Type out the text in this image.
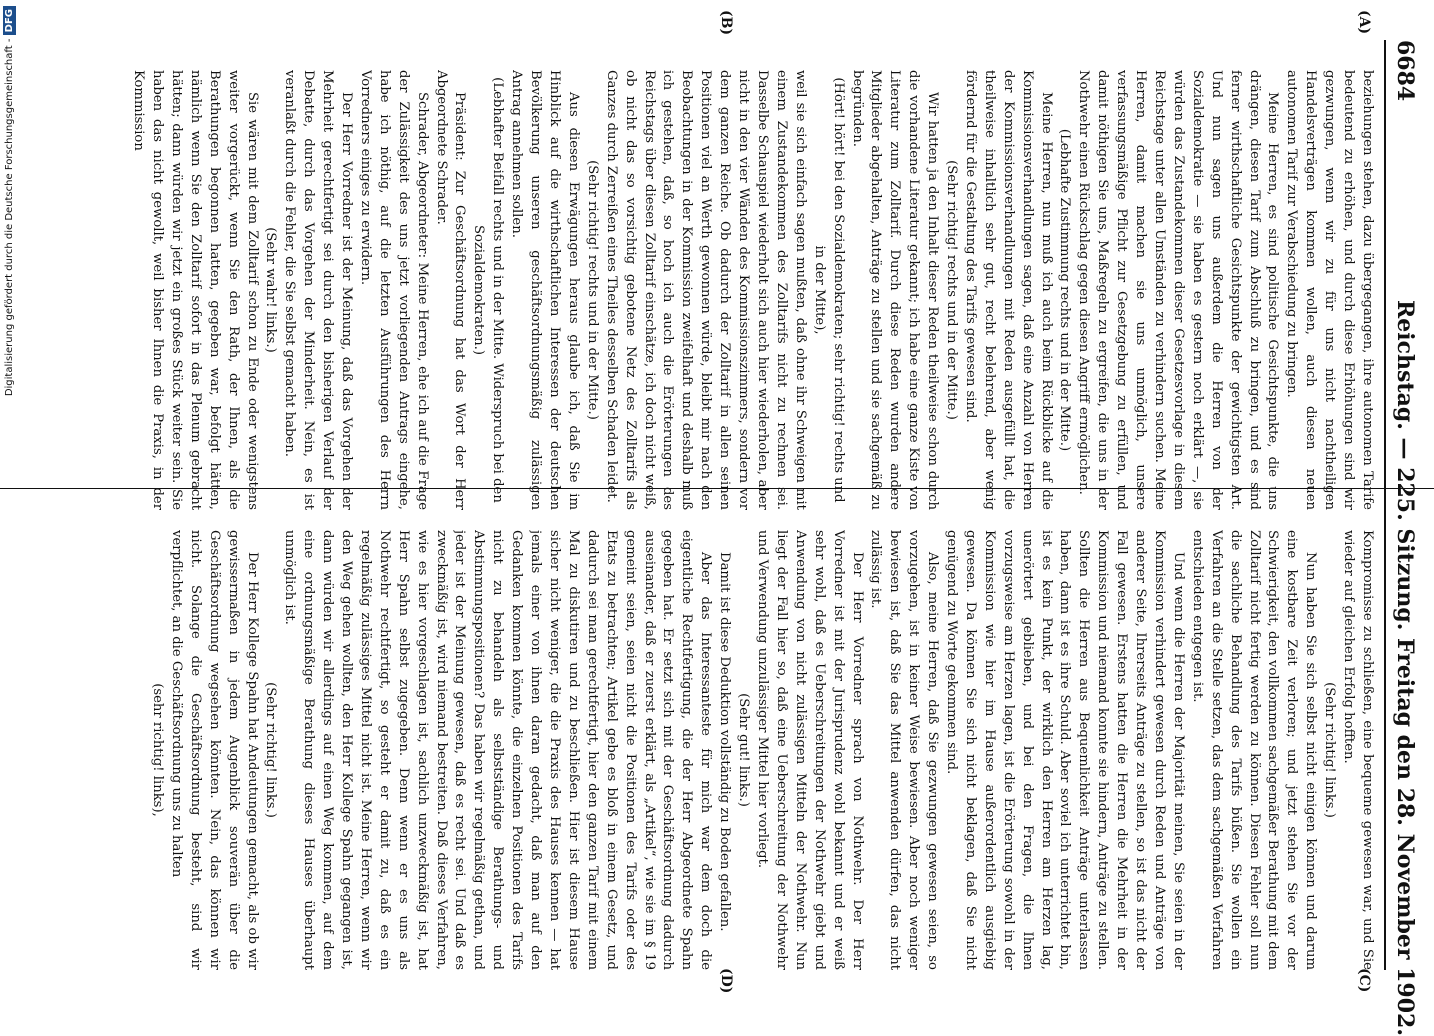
6684
Reichstag. — 225. Sitzung. Freitag den 28. November 1902.
(A)
(B)
(C)
(D)

beziehungen stehen, dazu übergegangen, ihre autonomen Tarife bedeutend zu erhöhen, und durch diese Erhöhungen sind wir gezwungen, wenn wir zu für uns nicht nachtheiligen Handelsverträgen kommen wollen, auch diesen neuen autonomen Tarif zur Verabschiedung zu bringen.

Meine Herren, es sind politische Gesichtspunkte, die uns drängen, diesen Tarif zum Abschluß zu bringen, und es sind ferner wirthschaftliche Gesichtspunkte der gewichtigsten Art. Und nun sagen uns außerdem die Herren von der Sozialdemokratie — sie haben es gestern noch erklärt —, sie würden das Zustandekommen dieser Gesetzesvorlage in diesem Reichstage unter allen Umständen zu verhindern suchen. Meine Herren, damit machen sie uns unmöglich, unsere verfassungsmäßige Pflicht zur Gesetzgebung zu erfüllen, und damit nöthigen Sie uns, Maßregeln zu ergreifen, die uns in der Nothwehr einen Rückschlag gegen diesen Angriff ermöglichen.

(Lebhafte Zustimmung rechts und in der Mitte.)

Meine Herren, nun muß ich auch beim Rückblicke auf die Kommissionsverhandlungen sagen, daß eine Anzahl von Herren der Kommissionsverhandlungen mit Reden ausgefüllt hat, die theilweise inhaltlich sehr gut, recht belehrend, aber wenig fördernd für die Gestaltung des Tarifs gewesen sind.

(Sehr richtig! rechts und in der Mitte.)

Wir hatten ja den Inhalt dieser Reden theilweise schon durch die vorhandene Literatur gekannt; ich habe eine ganze Kiste von Literatur zum Zolltarif. Durch diese Reden wurden andere Mitglieder abgehalten, Anträge zu stellen und sie sachgemäß zu begründen.

(Hört! hört! bei den Sozialdemokraten; sehr richtig! rechts und in der Mitte),

weil sie sich einfach sagen mußten, daß ohne ihr Schweigen mit einem Zustandekommen des Zolltarifs nicht zu rechnen sei. Dasselbe Schauspiel wiederholt sich auch hier wiederholen, aber nicht in den vier Wänden des Kommissionszimmers, sondern vor dem ganzen Reiche. Ob dadurch der Zolltarif in allen seinen Positionen viel an Werth gewonnen würde, bleibt mir nach den Beobachtungen in der Kommission zweifelhaft und deshalb muß ich gestehen, daß, so hoch ich auch die Erörterungen des Reichstags über diesen Zolltarif einschätze, ich doch nicht weiß, ob nicht das so vorsichtig gebotene Netz des Zolltarifs als Ganzes durch Zerreißen eines Theiles desselben Schaden leidet.

(Sehr richtig! rechts und in der Mitte.)

Aus diesen Erwägungen heraus glaube ich, daß Sie im Hinblick auf die wirthschaftlichen Interessen der deutschen Bevölkerung unseren geschäftsordnungsmäßig zulässigen Antrag annehmen sollen.

(Lebhafter Beifall rechts und in der Mitte. Widerspruch bei den Sozialdemokraten.)

Präsident: Zur Geschäftsordnung hat das Wort der Herr Abgeordnete Schrader.

Schrader, Abgeordneter: Meine Herren, ehe ich auf die Frage der Zulässigkeit des uns jetzt vorliegenden Antrags eingehe, habe ich nöthig, auf die letzten Ausführungen des Herrn Vorredners einiges zu erwidern.

Der Herr Vorredner ist der Meinung, daß das Vorgehen der Mehrheit gerechtfertigt sei durch den bisherigen Verlauf der Debatte, durch das Vorgehen der Minderheit. Nein, es ist veranlaßt durch die Fehler, die Sie selbst gemacht haben.

(Sehr wahr! links.)

Sie wären mit dem Zolltarif schon zu Ende oder wenigstens weiter vorgerückt, wenn Sie den Rath, der Ihnen, als die Berathungen begonnen hatten, gegeben war, befolgt hätten, nämlich wenn Sie den Zolltarif sofort in das Plenum gebracht hätten; dann würden wir jetzt ein großes Stück weiter sein. Sie haben das nicht gewollt, weil bisher Ihnen die Praxis, in der Kommission

Kompromisse zu schließen, eine bequeme gewesen war, und Sie wieder auf gleichen Erfolg hofften.

(Sehr richtig! links.)

Nun haben Sie sich selbst nicht einigen können und darum eine kostbare Zeit verloren; und jetzt stehen Sie vor der Schwierigkeit, den vollkommen sachgemäßer Berathung mit dem Zolltarif nicht fertig werden zu können. Diesen Fehler soll nun die sachliche Behandlung des Tarifs büßen. Sie wollen ein Verfahren an die Stelle setzen, das dem sachgemäßen Verfahren entschieden entgegen ist.

Und wenn die Herren der Majorität meinen, Sie seien in der Kommission verhindert gewesen durch Reden und Anträge von anderer Seite, Ihrerseits Anträge zu stellen, so ist das nicht der Fall gewesen. Erstens hatten die Herren die Mehrheit in der Kommission und niemand konnte sie hindern, Anträge zu stellen. Sollten die Herren aus Bequemlichkeit Anträge unterlassen haben, dann ist es ihre Schuld. Aber soviel ich unterrichtet bin, ist es kein Punkt, der wirklich den Herren am Herzen lag, unerörtert geblieben, und bei den Fragen, die Ihnen vorzugsweise am Herzen lagen, ist die Erörterung sowohl in der Kommission wie hier im Hause außerordentlich ausgiebig gewesen. Da können Sie sich nicht beklagen, daß Sie nicht genügend zu Worte gekommen sind.

Also, meine Herren, daß Sie gezwungen gewesen seien, so vorzugehen, ist in keiner Weise bewiesen. Aber noch weniger bewiesen ist, daß Sie das Mittel anwenden dürfen, das nicht zulässig ist.

Der Herr Vorredner sprach von Nothwehr. Der Herr Vorredner ist mit der Jurisprudenz wohl bekannt und er weiß sehr wohl, daß es Ueberschreitungen der Nothwehr giebt und Anwendung von nicht zulässigen Mitteln der Nothwehr. Nun liegt der Fall hier so, daß eine Ueberschreitung der Nothwehr und Verwendung unzulässiger Mittel hier vorliegt.

(Sehr gut! links.)

Damit ist diese Deduktion vollständig zu Boden gefallen.

Aber das Interessanteste für mich war dem doch die eigentliche Rechtfertigung, die der Herr Abgeordnete Spahn gegeben hat. Er setzt sich mit der Geschäftsordnung dadurch auseinander, daß er zuerst erklärt, als „Artikel“, wie sie im § 19 gemeint seien, seien nicht die Positionen des Tarifs oder des Etats zu betrachten; Artikel gebe es bloß in einem Gesetz, und dadurch sei man gerechtfertigt, hier den ganzen Tarif mit einem Mal zu diskutiren und zu beschließen. Hier ist diesem Hause sicher nicht weniger, die die Praxis des Hauses kennen — hat jemals einer von ihnen daran gedacht, daß man auf den Gedanken kommen könnte, die einzelnen Positionen des Tarifs nicht zu behandeln als selbstständige Berathungs- und Abstimmungspositionen? Das haben wir regelmäßig gethan, und jeder ist der Meinung gewesen, daß es recht sei. Und daß es zweckmäßig ist, wird niemand bestreiten. Daß dieses Verfahren, wie es hier vorgeschlagen ist, sachlich unzweckmäßig ist, hat Herr Spahn selbst zugegeben. Denn wenn er es uns als Nothwehr rechtfertigt, so gesteht er damit zu, daß es ein regelmäßig zulässiges Mittel nicht ist. Meine Herren, wenn wir den Weg gehen wollten, den Herr Kollege Spahn gegangen ist, dann würden wir allerdings auf einen Weg kommen, auf dem eine ordnungsmäßige Berathung dieses Hauses überhaupt unmöglich ist.

(Sehr richtig! links.)

Der Herr Kollege Spahn hat Andeutungen gemacht, als ob wir gewissermaßen in jedem Augenblick souverän über die Geschäftsordnung wegsehen könnten. Nein, das können wir nicht. Solange die Geschäftsordnung besteht, sind wir verpflichtet, an die Geschäftsordnung uns zu halten

(sehr richtig! links),

Digitalisierung gefördert durch die Deutsche Forschungsgemeinschaft - DFG
